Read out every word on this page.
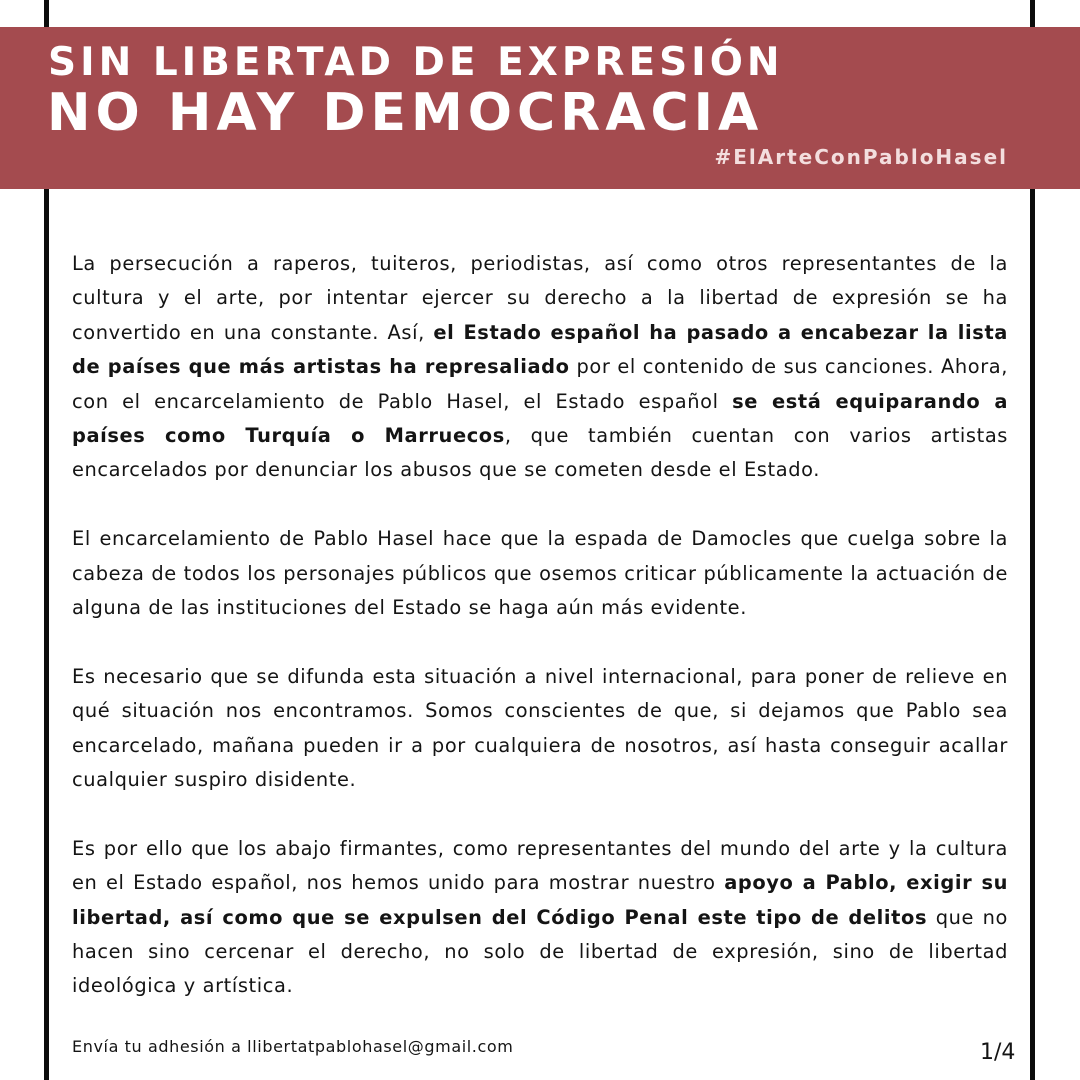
SIN LIBERTAD DE EXPRESIÓN
NO HAY DEMOCRACIA
#ElArteConPabloHasel

La persecución a raperos, tuiteros, periodistas, así como otros representantes de la cultura y el arte, por intentar ejercer su derecho a la libertad de expresión se ha convertido en una constante. Así, el Estado español ha pasado a encabezar la lista de países que más artistas ha represaliado por el contenido de sus canciones. Ahora, con el encarcelamiento de Pablo Hasel, el Estado español se está equiparando a países como Turquía o Marruecos, que también cuentan con varios artistas encarcelados por denunciar los abusos que se cometen desde el Estado.

El encarcelamiento de Pablo Hasel hace que la espada de Damocles que cuelga sobre la cabeza de todos los personajes públicos que osemos criticar públicamente la actuación de alguna de las instituciones del Estado se haga aún más evidente.

Es necesario que se difunda esta situación a nivel internacional, para poner de relieve en qué situación nos encontramos. Somos conscientes de que, si dejamos que Pablo sea encarcelado, mañana pueden ir a por cualquiera de nosotros, así hasta conseguir acallar cualquier suspiro disidente.

Es por ello que los abajo firmantes, como representantes del mundo del arte y la cultura en el Estado español, nos hemos unido para mostrar nuestro apoyo a Pablo, exigir su libertad, así como que se expulsen del Código Penal este tipo de delitos que no hacen sino cercenar el derecho, no solo de libertad de expresión, sino de libertad ideológica y artística.

Envía tu adhesión a llibertatpablohasel@gmail.com	1/4
